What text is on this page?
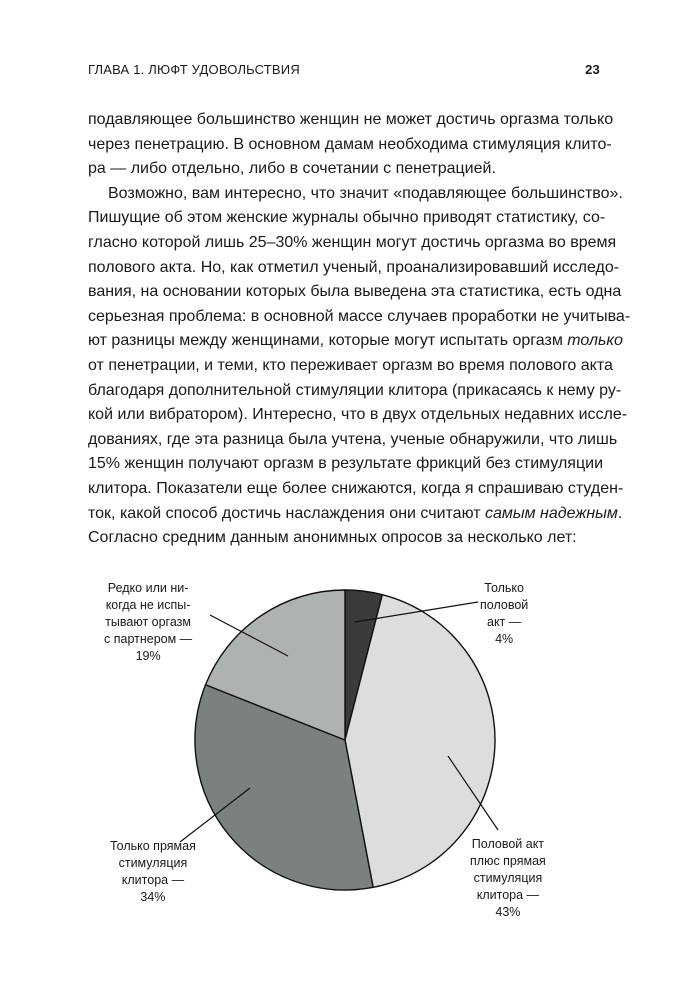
ГЛАВА 1. ЛЮФТ УДОВОЛЬСТВИЯ	23
подавляющее большинство женщин не может достичь оргазма только
через пенетрацию. В основном дамам необходима стимуляция клито-
ра — либо отдельно, либо в сочетании с пенетрацией.
Возможно, вам интересно, что значит «подавляющее большинство».
Пишущие об этом женские журналы обычно приводят статистику, со-
гласно которой лишь 25–30% женщин могут достичь оргазма во время
полового акта. Но, как отметил ученый, проанализировавший исследо-
вания, на основании которых была выведена эта статистика, есть одна
серьезная проблема: в основной массе случаев проработки не учитыва-
ют разницы между женщинами, которые могут испытать оргазм только
от пенетрации, и теми, кто переживает оргазм во время полового акта
благодаря дополнительной стимуляции клитора (прикасаясь к нему ру-
кой или вибратором). Интересно, что в двух отдельных недавних иссле-
дованиях, где эта разница была учтена, ученые обнаружили, что лишь
15% женщин получают оргазм в результате фрикций без стимуляции
клитора. Показатели еще более снижаются, когда я спрашиваю студен-
ток, какой способ достичь наслаждения они считают самым надежным.
Согласно средним данным анонимных опросов за несколько лет:
Только
половой
акт —
4%
Половой акт
плюс прямая
стимуляция
клитора —
43%
Только прямая
стимуляция
клитора —
34%
Редко или ни-
когда не испы-
тывают оргазм
с партнером —
19%
